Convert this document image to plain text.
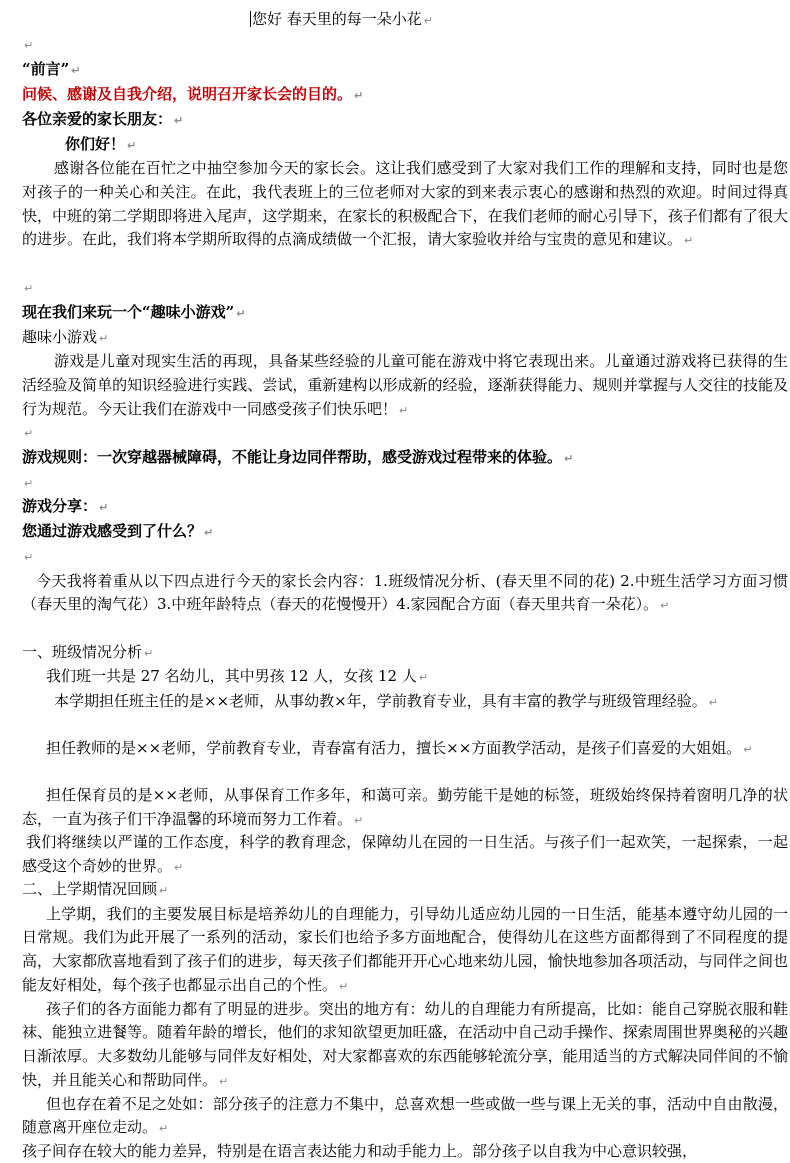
您好 春天里的每一朵小花 ↵

↵

“前言” ↵

问候、感谢及自我介绍，说明召开家长会的目的。 ↵

各位亲爱的家长朋友： ↵

你们好！ ↵

感谢各位能在百忙之中抽空参加今天的家长会。这让我们感受到了大家对我们工作的理解和支持，同时也是您对孩子的一种关心和关注。在此，我代表班上的三位老师对大家的到来表示衷心的感谢和热烈的欢迎。时间过得真快，中班的第二学期即将进入尾声，这学期来，在家长的积极配合下，在我们老师的耐心引导下，孩子们都有了很大的进步。在此，我们将本学期所取得的点滴成绩做一个汇报，请大家验收并给与宝贵的意见和建议。 ↵

↵

现在我们来玩一个“趣味小游戏” ↵

趣味小游戏 ↵

游戏是儿童对现实生活的再现，具备某些经验的儿童可能在游戏中将它表现出来。儿童通过游戏将已获得的生活经验及简单的知识经验进行实践、尝试，重新建构以形成新的经验，逐渐获得能力、规则并掌握与人交往的技能及行为规范。今天让我们在游戏中一同感受孩子们快乐吧！ ↵

↵

游戏规则：一次穿越器械障碍，不能让身边同伴帮助，感受游戏过程带来的体验。 ↵

↵

游戏分享： ↵

您通过游戏感受到了什么？ ↵

↵

今天我将着重从以下四点进行今天的家长会内容：1.班级情况分析、(春天里不同的花) 2.中班生活学习方面习惯（春天里的淘气花）3.中班年龄特点（春天的花慢慢开）4.家园配合方面（春天里共育一朵花）。 ↵

一、班级情况分析 ↵

我们班一共是 27 名幼儿，其中男孩 12 人，女孩 12 人 ↵

本学期担任班主任的是××老师，从事幼教×年，学前教育专业，具有丰富的教学与班级管理经验。 ↵

担任教师的是××老师，学前教育专业，青春富有活力，擅长××方面教学活动，是孩子们喜爱的大姐姐。 ↵

担任保育员的是××老师，从事保育工作多年，和蔼可亲。勤劳能干是她的标签，班级始终保持着窗明几净的状态，一直为孩子们干净温馨的环境而努力工作着。 ↵

我们将继续以严谨的工作态度，科学的教育理念，保障幼儿在园的一日生活。与孩子们一起欢笑，一起探索，一起感受这个奇妙的世界。 ↵

二、上学期情况回顾 ↵

上学期，我们的主要发展目标是培养幼儿的自理能力，引导幼儿适应幼儿园的一日生活，能基本遵守幼儿园的一日常规。我们为此开展了一系列的活动，家长们也给予多方面地配合，使得幼儿在这些方面都得到了不同程度的提高，大家都欣喜地看到了孩子们的进步，每天孩子们都能开开心心地来幼儿园，愉快地参加各项活动，与同伴之间也能友好相处，每个孩子也都显示出自己的个性。 ↵

孩子们的各方面能力都有了明显的进步。突出的地方有：幼儿的自理能力有所提高，比如：能自己穿脱衣服和鞋袜、能独立进餐等。随着年龄的增长，他们的求知欲望更加旺盛，在活动中自己动手操作、探索周围世界奥秘的兴趣日渐浓厚。大多数幼儿能够与同伴友好相处，对大家都喜欢的东西能够轮流分享，能用适当的方式解决同伴间的不愉快，并且能关心和帮助同伴。 ↵

但也存在着不足之处如：部分孩子的注意力不集中，总喜欢想一些或做一些与课上无关的事，活动中自由散漫，随意离开座位走动。 ↵

孩子间存在较大的能力差异，特别是在语言表达能力和动手能力上。部分孩子以自我为中心意识较强，
